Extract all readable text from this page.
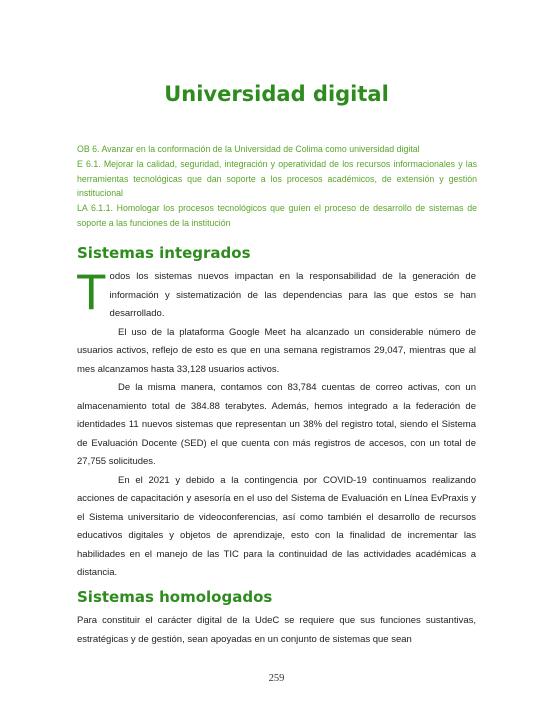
Universidad digital

OB 6. Avanzar en la conformación de la Universidad de Colima como universidad digital

E 6.1. Mejorar la calidad, seguridad, integración y operatividad de los recursos informacionales y las herramientas tecnológicas que dan soporte a los procesos académicos, de extensión y gestión institucional

LA 6.1.1. Homologar los procesos tecnológicos que guíen el proceso de desarrollo de sistemas de soporte a las funciones de la institución

Sistemas integrados

Todos los sistemas nuevos impactan en la responsabilidad de la generación de información y sistematización de las dependencias para las que estos se han desarrollado.

El uso de la plataforma Google Meet ha alcanzado un considerable número de usuarios activos, reflejo de esto es que en una semana registramos 29,047, mientras que al mes alcanzamos hasta 33,128 usuarios activos.

De la misma manera, contamos con 83,784 cuentas de correo activas, con un almacenamiento total de 384.88 terabytes. Además, hemos integrado a la federación de identidades 11 nuevos sistemas que representan un 38% del registro total, siendo el Sistema de Evaluación Docente (SED) el que cuenta con más registros de accesos, con un total de 27,755 solicitudes.

En el 2021 y debido a la contingencia por COVID-19 continuamos realizando acciones de capacitación y asesoría en el uso del Sistema de Evaluación en Línea EvPraxis y el Sistema universitario de videoconferencias, así como también el desarrollo de recursos educativos digitales y objetos de aprendizaje, esto con la finalidad de incrementar las habilidades en el manejo de las TIC para la continuidad de las actividades académicas a distancia.

Sistemas homologados

Para constituir el carácter digital de la UdeC se requiere que sus funciones sustantivas, estratégicas y de gestión, sean apoyadas en un conjunto de sistemas que sean

259
